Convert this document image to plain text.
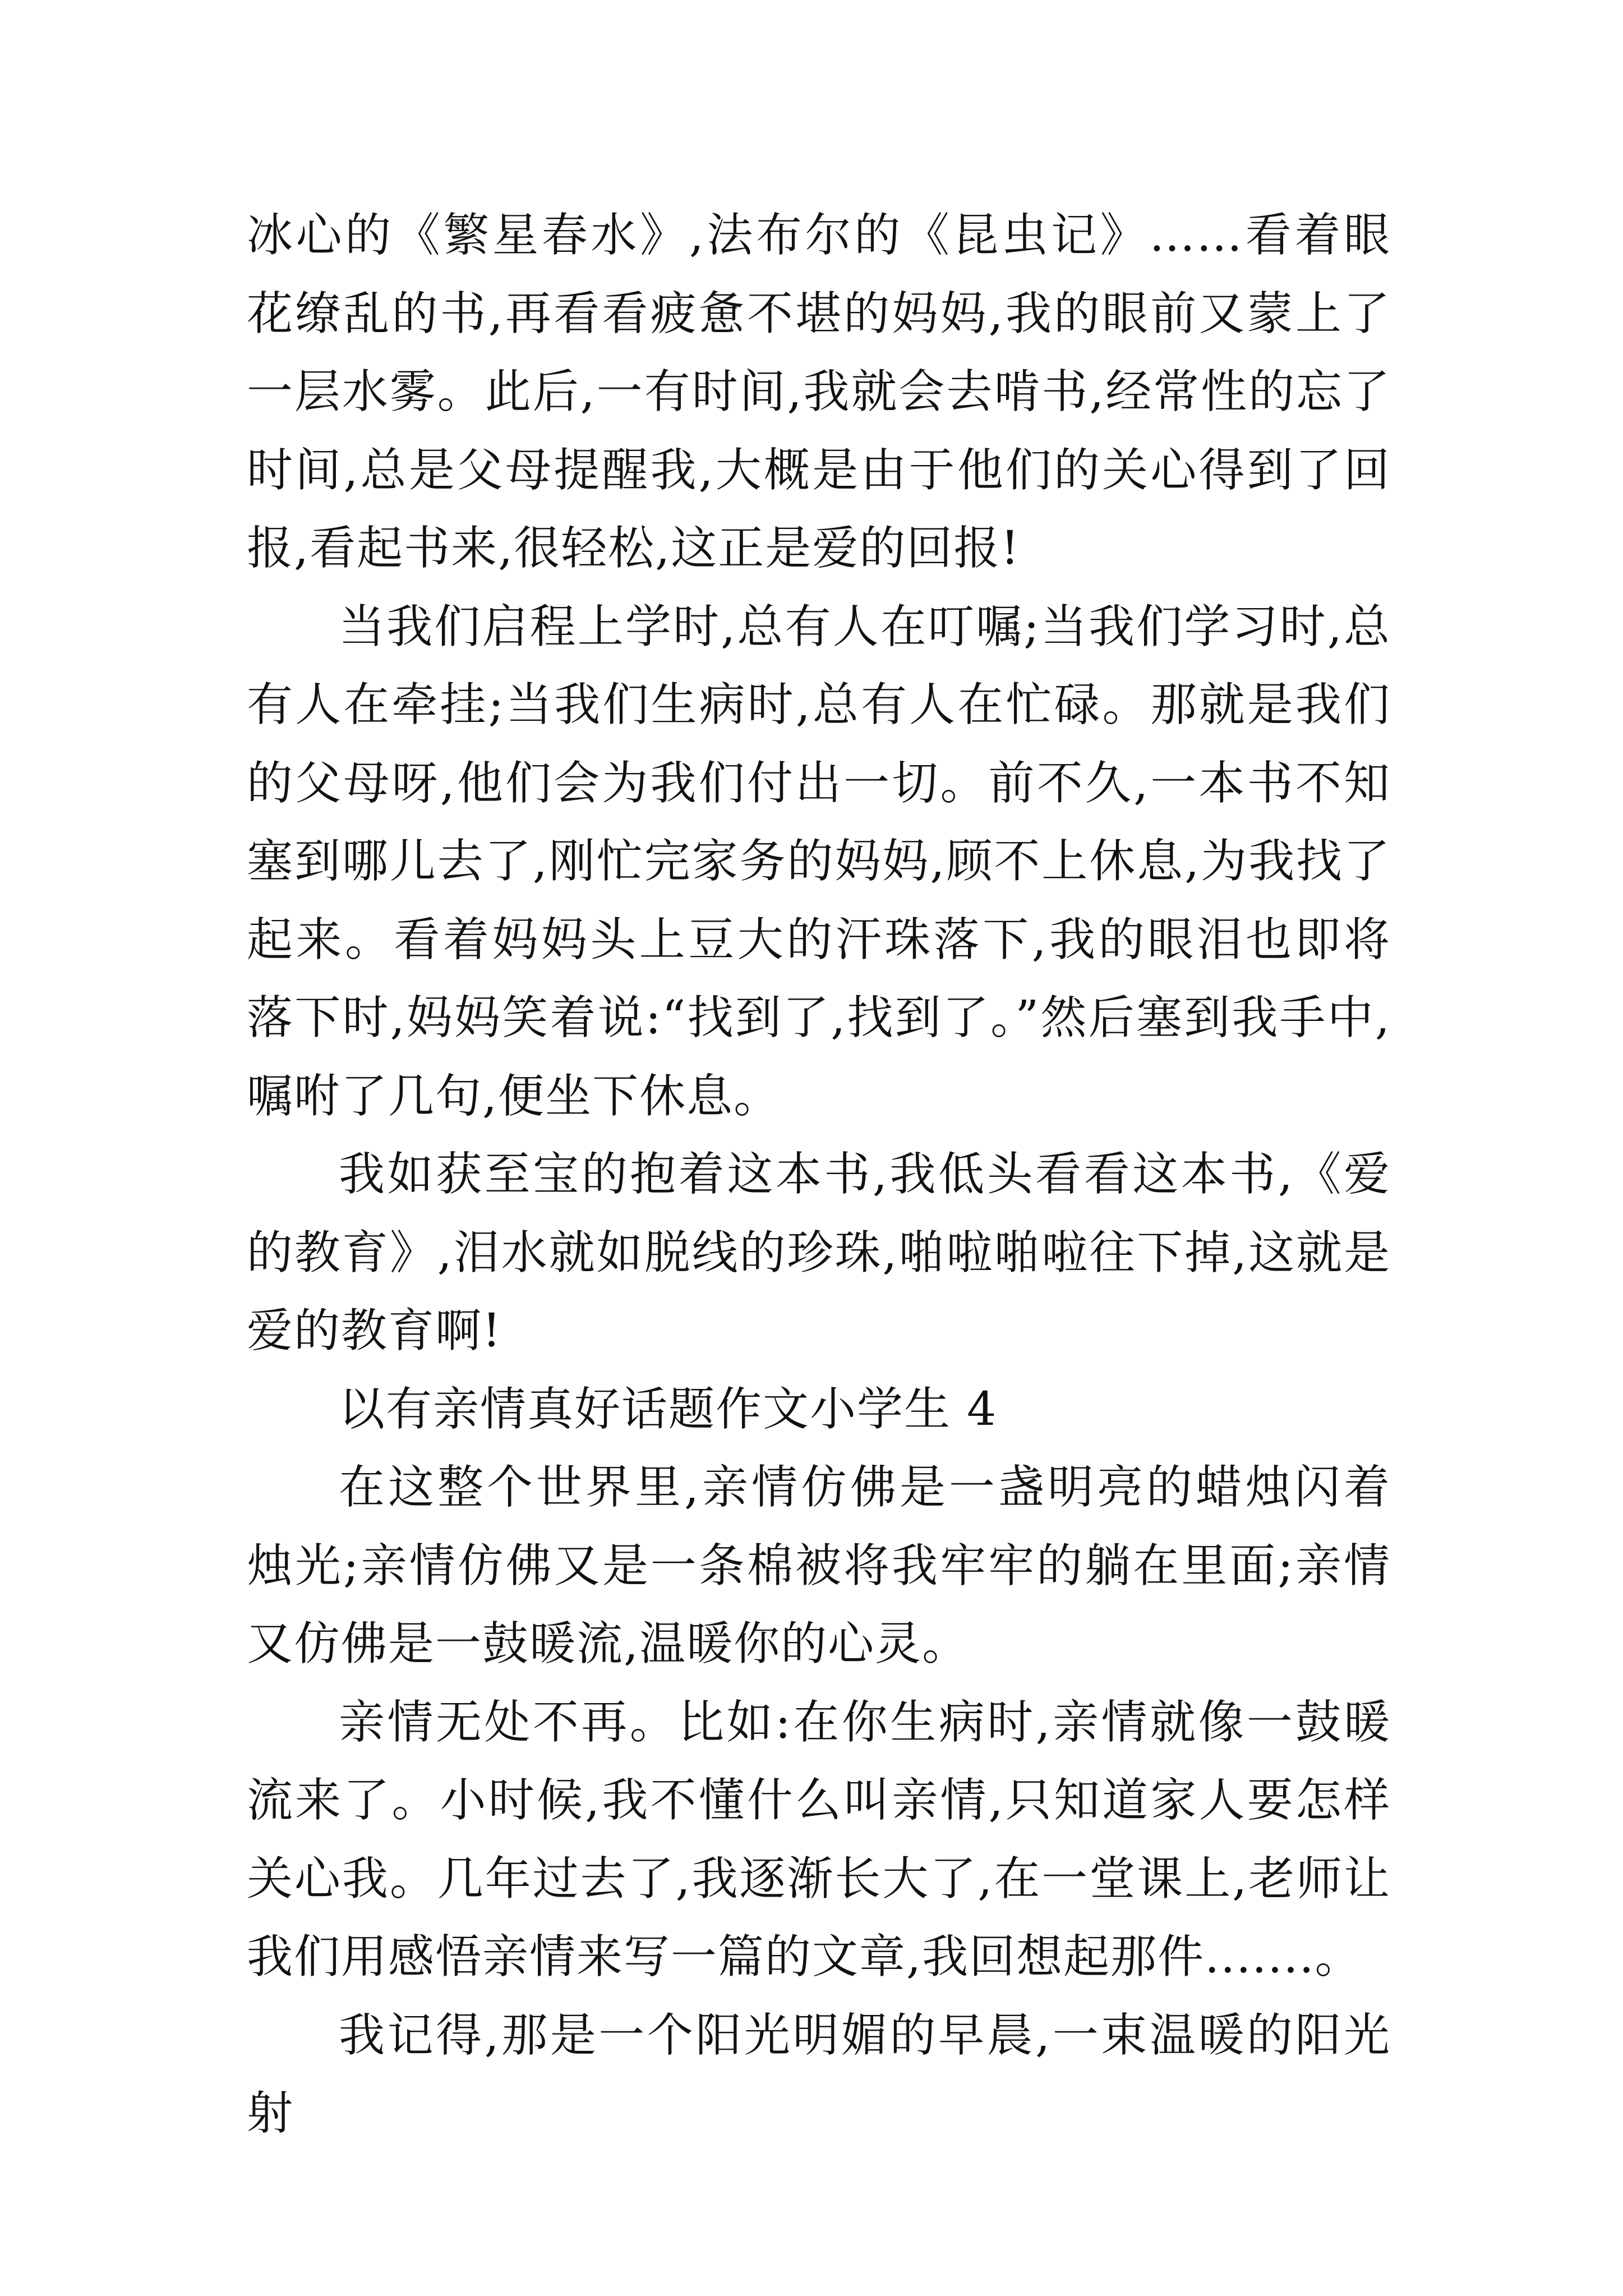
冰心的《繁星春水》,法布尔的《昆虫记》……看着眼花缭乱的书,再看看疲惫不堪的妈妈,我的眼前又蒙上了一层水雾。此后,一有时间,我就会去啃书,经常性的忘了时间,总是父母提醒我,大概是由于他们的关心得到了回报,看起书来,很轻松,这正是爱的回报!

当我们启程上学时,总有人在叮嘱;当我们学习时,总有人在牵挂;当我们生病时,总有人在忙碌。那就是我们的父母呀,他们会为我们付出一切。前不久,一本书不知塞到哪儿去了,刚忙完家务的妈妈,顾不上休息,为我找了起来。看着妈妈头上豆大的汗珠落下,我的眼泪也即将落下时,妈妈笑着说:“找到了,找到了。”然后塞到我手中,嘱咐了几句,便坐下休息。

我如获至宝的抱着这本书,我低头看看这本书,《爱的教育》,泪水就如脱线的珍珠,啪啦啪啦往下掉,这就是爱的教育啊!

以有亲情真好话题作文小学生 4

在这整个世界里,亲情仿佛是一盏明亮的蜡烛闪着烛光;亲情仿佛又是一条棉被将我牢牢的躺在里面;亲情又仿佛是一鼓暖流,温暖你的心灵。

亲情无处不再。比如:在你生病时,亲情就像一鼓暖流来了。小时候,我不懂什么叫亲情,只知道家人要怎样关心我。几年过去了,我逐渐长大了,在一堂课上,老师让我们用感悟亲情来写一篇的文章,我回想起那件.......。

我记得,那是一个阳光明媚的早晨,一束温暖的阳光射
